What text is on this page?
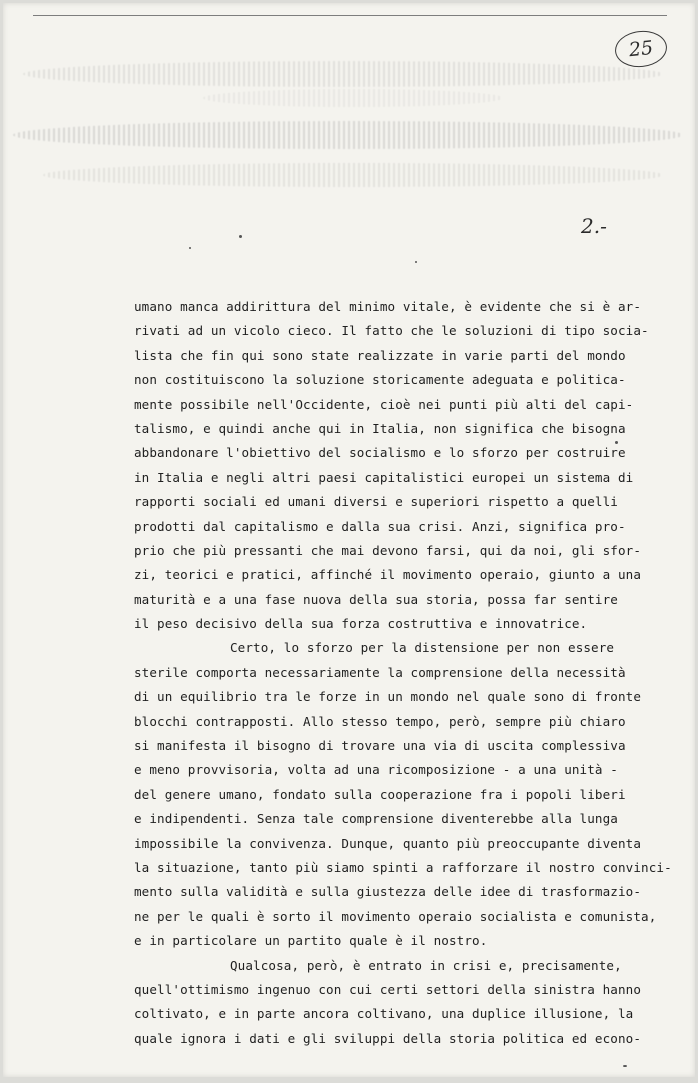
25
2.-
umano manca addirittura del minimo vitale, è evidente che si è ar-
rivati ad un vicolo cieco. Il fatto che le soluzioni di tipo socia-
lista che fin qui sono state realizzate in varie parti del mondo
non costituiscono la soluzione storicamente adeguata e politica-
mente possibile nell'Occidente, cioè nei punti più alti del capi-
talismo, e quindi anche qui in Italia, non significa che bisogna
abbandonare l'obiettivo del socialismo e lo sforzo per costruire
in Italia e negli altri paesi capitalistici europei un sistema di
rapporti sociali ed umani diversi e superiori rispetto a quelli
prodotti dal capitalismo e dalla sua crisi. Anzi, significa pro-
prio che più pressanti che mai devono farsi, qui da noi, gli sfor-
zi, teorici e pratici, affinché il movimento operaio, giunto a una
maturità e a una fase nuova della sua storia, possa far sentire
il peso decisivo della sua forza costruttiva e innovatrice.
Certo, lo sforzo per la distensione per non essere
sterile comporta necessariamente la comprensione della necessità
di un equilibrio tra le forze in un mondo nel quale sono di fronte
blocchi contrapposti. Allo stesso tempo, però, sempre più chiaro
si manifesta il bisogno di trovare una via di uscita complessiva
e meno provvisoria, volta ad una ricomposizione - a una unità -
del genere umano, fondato sulla cooperazione fra i popoli liberi
e indipendenti. Senza tale comprensione diventerebbe alla lunga
impossibile la convivenza. Dunque, quanto più preoccupante diventa
la situazione, tanto più siamo spinti a rafforzare il nostro convinci-
mento sulla validità e sulla giustezza delle idee di trasformazio-
ne per le quali è sorto il movimento operaio socialista e comunista,
e in particolare un partito quale è il nostro.
Qualcosa, però, è entrato in crisi e, precisamente,
quell'ottimismo ingenuo con cui certi settori della sinistra hanno
coltivato, e in parte ancora coltivano, una duplice illusione, la
quale ignora i dati e gli sviluppi della storia politica ed econo-
